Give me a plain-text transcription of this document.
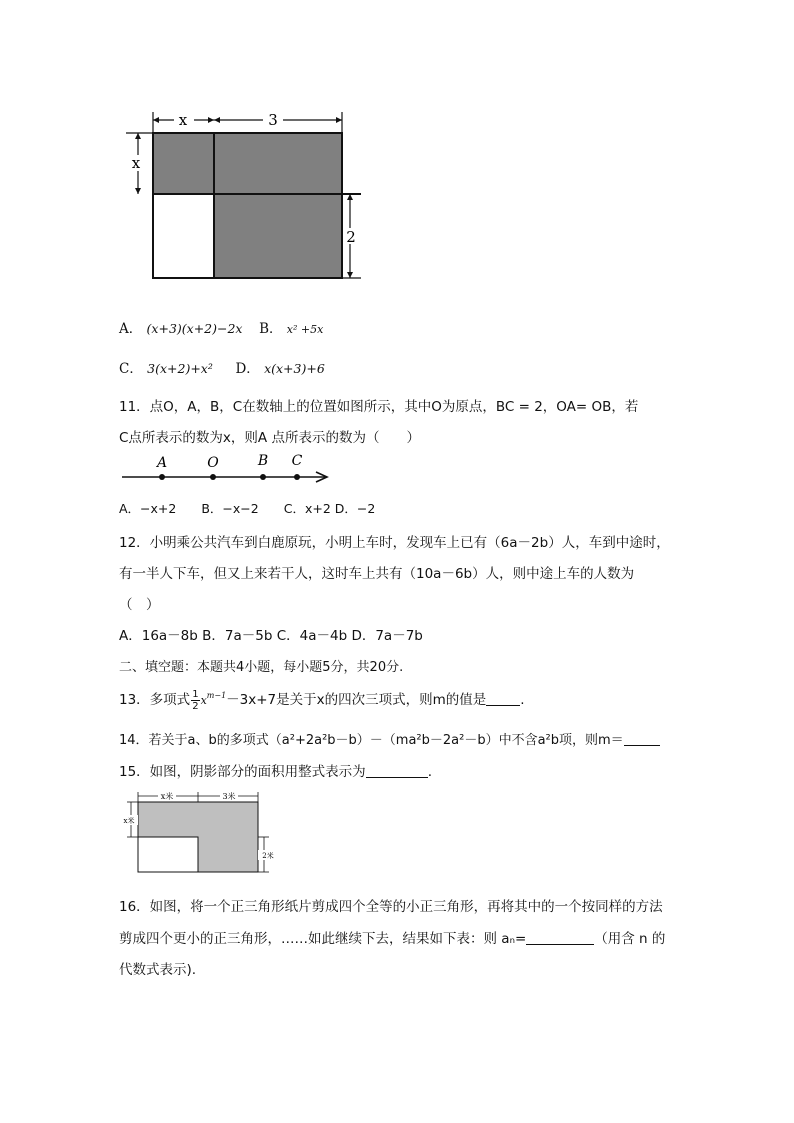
x	3
x
2
A． (x+3)(x+2)−2x B． x² +5x
C． 3(x+2)+x² D． x(x+3)+6
11．点O，A，B，C在数轴上的位置如图所示，其中O为原点，BC = 2，OA= OB，若
C点所表示的数为x，则A 点所表示的数为（　　）
A	O	B C
A．−x+2　　B．−x−2　　C．x+2 D．−2
12．小明乘公共汽车到白鹿原玩，小明上车时，发现车上已有（6a－2b）人，车到中途时，
有一半人下车，但又上来若干人，这时车上共有（10a－6b）人，则中途上车的人数为
（　）
A．16a－8b B．7a－5b C．4a－4b D．7a－7b
二、填空题：本题共4小题，每小题5分，共20分.
13．多项式 $\frac{1}{2} x^{m-1}-3x+7$是关于x的四次三项式，则m的值是	.
14．若关于a、b的多项式（a²+2a²b－b）－（ma²b－2a²－b）中不含a²b项，则m＝
15．如图，阴影部分的面积用整式表示为	.
x米	3米
x米
2米
16．如图，将一个正三角形纸片剪成四个全等的小正三角形，再将其中的一个按同样的方法
剪成四个更小的正三角形，……如此继续下去，结果如下表：则 aₙ=	（用含 n 的
代数式表示).
